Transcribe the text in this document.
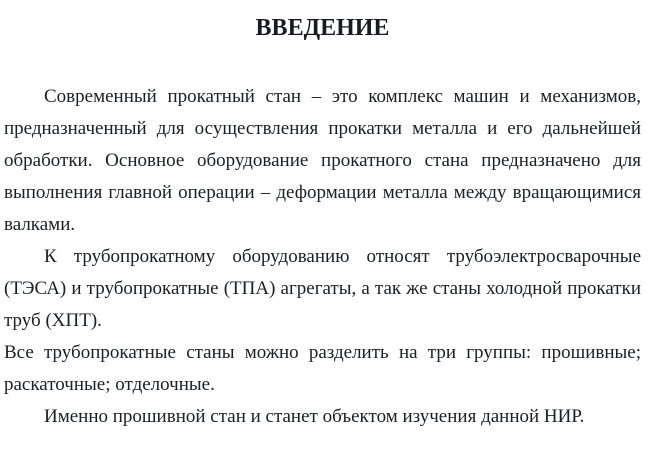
ВВЕДЕНИЕ

Современный прокатный стан – это комплекс машин и механизмов, предназначенный для осуществления прокатки металла и его дальнейшей обработки. Основное оборудование прокатного стана предназначено для выполнения главной операции – деформации металла между вращающимися валками.

К трубопрокатному оборудованию относят трубоэлектросварочные (ТЭСА) и трубопрокатные (ТПА) агрегаты, а так же станы холодной прокатки труб (ХПТ).

Все трубопрокатные станы можно разделить на три группы: прошивные; раскаточные; отделочные.

Именно прошивной стан и станет объектом изучения данной НИР.
